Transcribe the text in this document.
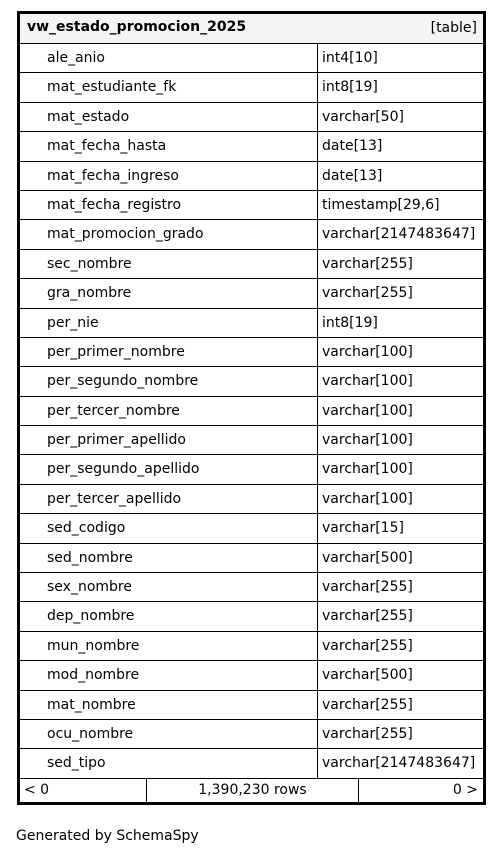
vw_estado_promocion_2025	[table]
ale_anio	int4[10]
mat_estudiante_fk	int8[19]
mat_estado	varchar[50]
mat_fecha_hasta	date[13]
mat_fecha_ingreso	date[13]
mat_fecha_registro	timestamp[29,6]
mat_promocion_grado	varchar[2147483647]
sec_nombre	varchar[255]
gra_nombre	varchar[255]
per_nie	int8[19]
per_primer_nombre	varchar[100]
per_segundo_nombre	varchar[100]
per_tercer_nombre	varchar[100]
per_primer_apellido	varchar[100]
per_segundo_apellido	varchar[100]
per_tercer_apellido	varchar[100]
sed_codigo	varchar[15]
sed_nombre	varchar[500]
sex_nombre	varchar[255]
dep_nombre	varchar[255]
mun_nombre	varchar[255]
mod_nombre	varchar[500]
mat_nombre	varchar[255]
ocu_nombre	varchar[255]
sed_tipo	varchar[2147483647]
< 0	1,390,230 rows	0 >
Generated by SchemaSpy
